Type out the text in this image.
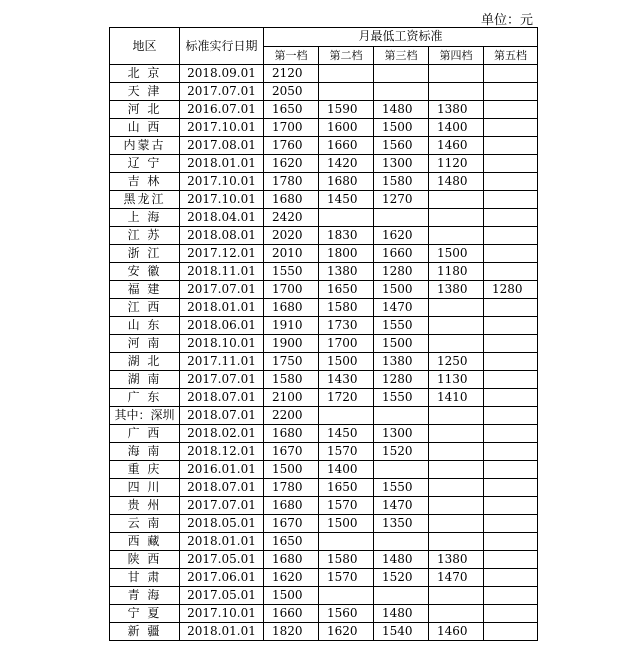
单位：元
地区	标准实行日期	月最低工资标准				
		第一档	第二档	第三档	第四档	第五档
北 京	2018.09.01	2120				
天 津	2017.07.01	2050				
河 北	2016.07.01	1650	1590	1480	1380	
山 西	2017.10.01	1700	1600	1500	1400	
内蒙古	2017.08.01	1760	1660	1560	1460	
辽 宁	2018.01.01	1620	1420	1300	1120	
吉 林	2017.10.01	1780	1680	1580	1480	
黑龙江	2017.10.01	1680	1450	1270		
上 海	2018.04.01	2420				
江 苏	2018.08.01	2020	1830	1620		
浙 江	2017.12.01	2010	1800	1660	1500	
安 徽	2018.11.01	1550	1380	1280	1180	
福 建	2017.07.01	1700	1650	1500	1380	1280
江 西	2018.01.01	1680	1580	1470		
山 东	2018.06.01	1910	1730	1550		
河 南	2018.10.01	1900	1700	1500		
湖 北	2017.11.01	1750	1500	1380	1250	
湖 南	2017.07.01	1580	1430	1280	1130	
广 东	2018.07.01	2100	1720	1550	1410	
其中：深圳	2018.07.01	2200				
广 西	2018.02.01	1680	1450	1300		
海 南	2018.12.01	1670	1570	1520		
重 庆	2016.01.01	1500	1400			
四 川	2018.07.01	1780	1650	1550		
贵 州	2017.07.01	1680	1570	1470		
云 南	2018.05.01	1670	1500	1350		
西 藏	2018.01.01	1650				
陕 西	2017.05.01	1680	1580	1480	1380	
甘 肃	2017.06.01	1620	1570	1520	1470	
青 海	2017.05.01	1500				
宁 夏	2017.10.01	1660	1560	1480		
新 疆	2018.01.01	1820	1620	1540	1460	
